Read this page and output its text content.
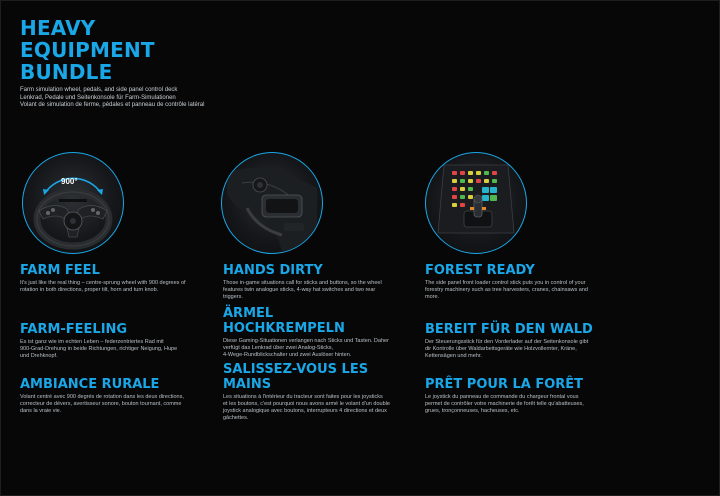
HEAVY
EQUIPMENT
BUNDLE
Farm simulation wheel, pedals, and side panel control deck
Lenkrad, Pedale und Seitenkonsole für Farm-Simulationen
Volant de simulation de ferme, pédales et panneau de contrôle latéral
900°
FARM FEEL
It's just like the real thing – centre-sprung wheel with 900 degrees of
rotation in both directions, proper tilt, horn and turn knob.
FARM-FEELING
Es ist ganz wie im echten Leben – federzentriertes Rad mit
900-Grad-Drehung in beide Richtungen, richtiger Neigung, Hupe
und Drehknopf.
AMBIANCE RURALE
Volant centré avec 900 degrés de rotation dans les deux directions,
correcteur de dévers, avertisseur sonore, bouton tournant, comme
dans la vraie vie.
HANDS DIRTY
Those in-game situations call for sticks and buttons, so the wheel
features twin analogue sticks, 4-way hat switches and two rear
triggers.
ÄRMEL
HOCHKREMPELN
Diese Gaming-Situationen verlangen nach Sticks und Tasten. Daher
verfügt das Lenkrad über zwei Analog-Sticks,
4-Wege-Rundblickschalter und zwei Auslöser hinten.
SALISSEZ-VOUS LES
MAINS
Les situations à l'intérieur du tracteur sont faites pour les joysticks
et les boutons, c'est pourquoi nous avons armé le volant d'un double
joystick analogique avec boutons, interrupteurs 4 directions et deux
gâchettes.
FOREST READY
The side panel front loader control stick puts you in control of your
forestry machinery such as tree harvesters, cranes, chainsaws and
more.
BEREIT FÜR DEN WALD
Der Steuerungsstick für den Vorderlader auf der Seitenkonsole gibt
dir Kontrolle über Waldarbeitsgeräte wie Holzvollernter, Kräne,
Kettensägen und mehr.
PRÊT POUR LA FORÊT
Le joystick du panneau de commande du chargeur frontal vous
permet de contrôler votre machinerie de forêt telle qu'abatteuses,
grues, tronçonneuses, hacheuses, etc.
